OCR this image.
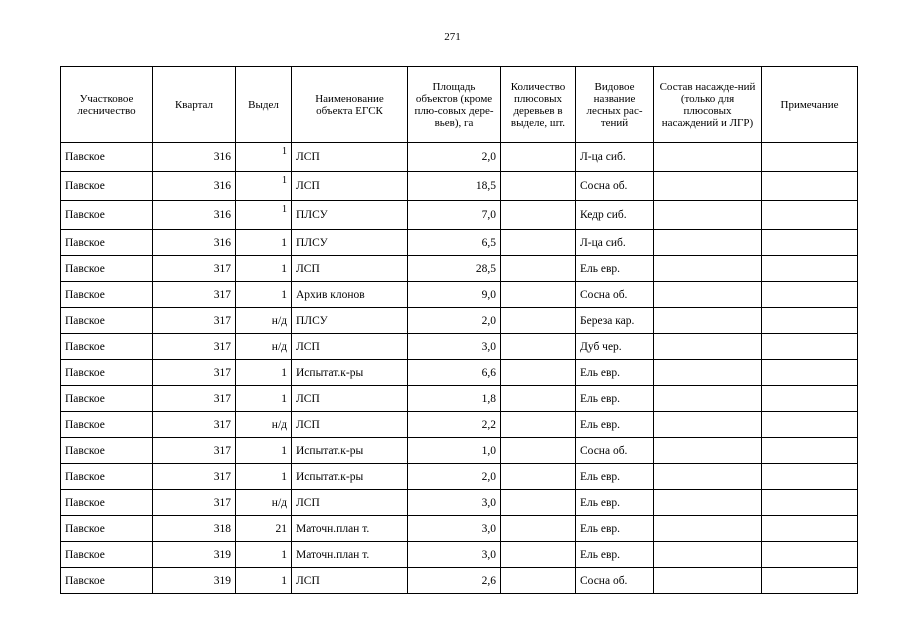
271
Участковое лесничество	Квартал	Выдел	Наименование объекта ЕГСК	Площадь объектов (кроме плю-совых дере-вьев), га	Количество плюсовых деревьев в выделе, шт.	Видовое название лесных рас-тений	Состав насажде-ний (только для плюсовых насаждений и ЛГР)	Примечание
Павское	316	1	ЛСП	2,0		Л-ца сиб.		
Павское	316	1	ЛСП	18,5		Сосна об.		
Павское	316	1	ПЛСУ	7,0		Кедр сиб.		
Павское	316	1	ПЛСУ	6,5		Л-ца сиб.		
Павское	317	1	ЛСП	28,5		Ель евр.		
Павское	317	1	Архив клонов	9,0		Сосна об.		
Павское	317	н/д	ПЛСУ	2,0		Береза кар.		
Павское	317	н/д	ЛСП	3,0		Дуб чер.		
Павское	317	1	Испытат.к-ры	6,6		Ель евр.		
Павское	317	1	ЛСП	1,8		Ель евр.		
Павское	317	н/д	ЛСП	2,2		Ель евр.		
Павское	317	1	Испытат.к-ры	1,0		Сосна об.		
Павское	317	1	Испытат.к-ры	2,0		Ель евр.		
Павское	317	н/д	ЛСП	3,0		Ель евр.		
Павское	318	21	Маточн.план т.	3,0		Ель евр.		
Павское	319	1	Маточн.план т.	3,0		Ель евр.		
Павское	319	1	ЛСП	2,6		Сосна об.		
